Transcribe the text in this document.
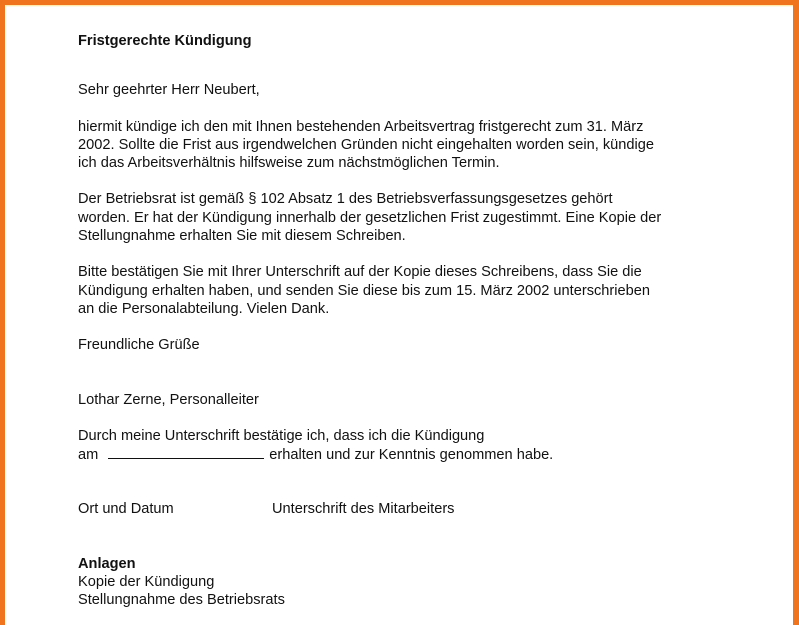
Fristgerechte Kündigung
Sehr geehrter Herr Neubert,
hiermit kündige ich den mit Ihnen bestehenden Arbeitsvertrag fristgerecht zum 31. März
2002. Sollte die Frist aus irgendwelchen Gründen nicht eingehalten worden sein, kündige
ich das Arbeitsverhältnis hilfsweise zum nächstmöglichen Termin.
Der Betriebsrat ist gemäß § 102 Absatz 1 des Betriebsverfassungsgesetzes gehört
worden. Er hat der Kündigung innerhalb der gesetzlichen Frist zugestimmt. Eine Kopie der
Stellungnahme erhalten Sie mit diesem Schreiben.
Bitte bestätigen Sie mit Ihrer Unterschrift auf der Kopie dieses Schreibens, dass Sie die
Kündigung erhalten haben, und senden Sie diese bis zum 15. März 2002 unterschrieben
an die Personalabteilung. Vielen Dank.
Freundliche Grüße
Lothar Zerne, Personalleiter
Durch meine Unterschrift bestätige ich, dass ich die Kündigung
am	erhalten und zur Kenntnis genommen habe.
Ort und Datum	Unterschrift des Mitarbeiters
Anlagen
Kopie der Kündigung
Stellungnahme des Betriebsrats
